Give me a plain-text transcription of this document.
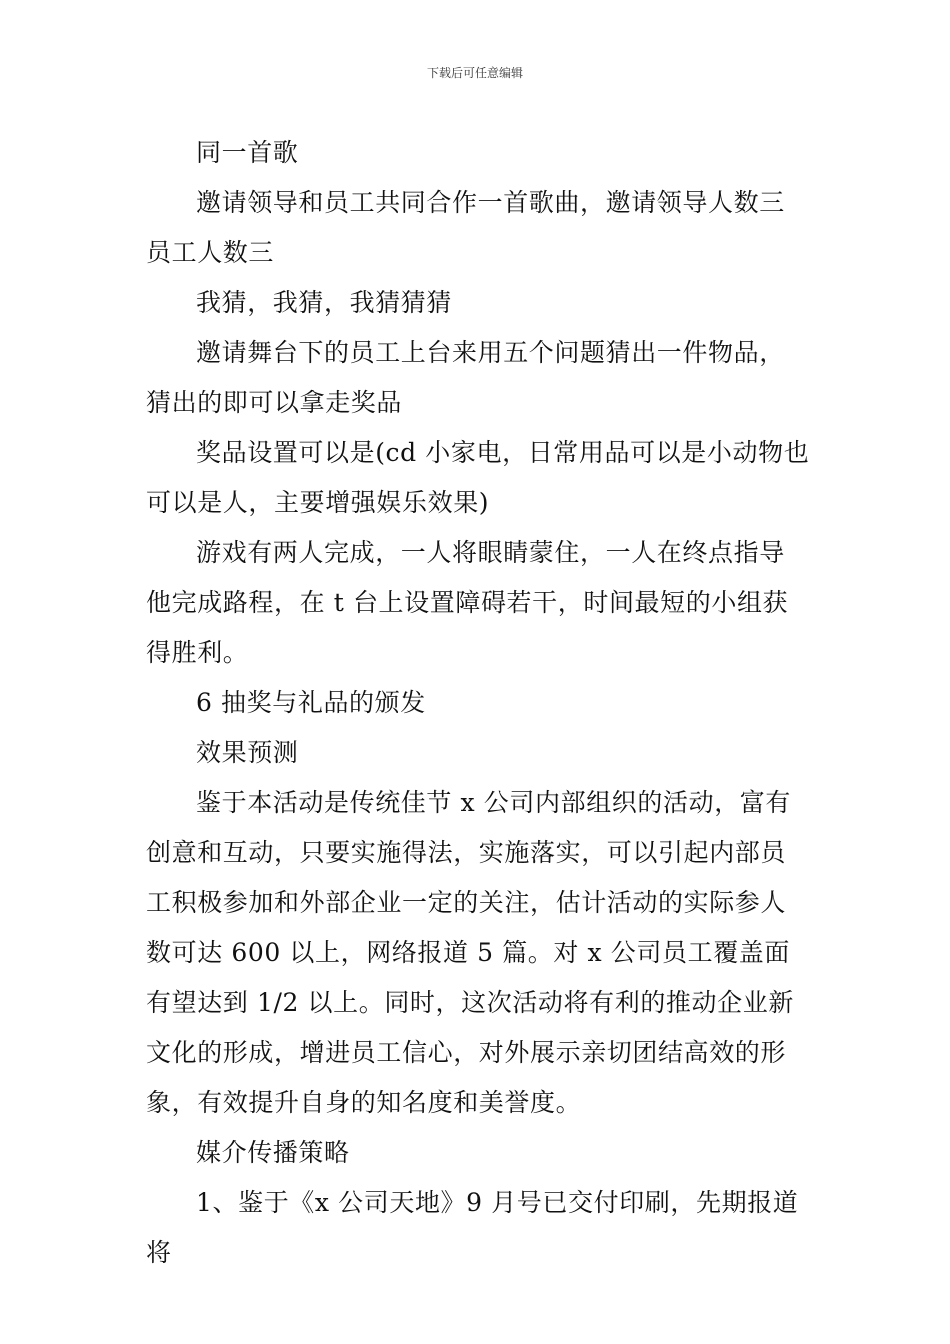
下载后可任意编辑

同一首歌

邀请领导和员工共同合作一首歌曲，邀请领导人数三员工人数三

我猜，我猜，我猜猜猜

邀请舞台下的员工上台来用五个问题猜出一件物品，猜出的即可以拿走奖品

奖品设置可以是(cd 小家电，日常用品可以是小动物也可以是人，主要增强娱乐效果)

游戏有两人完成，一人将眼睛蒙住，一人在终点指导他完成路程，在 t 台上设置障碍若干，时间最短的小组获得胜利。

6 抽奖与礼品的颁发

效果预测

鉴于本活动是传统佳节 x 公司内部组织的活动，富有创意和互动，只要实施得法，实施落实，可以引起内部员工积极参加和外部企业一定的关注，估计活动的实际参人数可达 600 以上，网络报道 5 篇。对 x 公司员工覆盖面有望达到 1/2 以上。同时，这次活动将有利的推动企业新文化的形成，增进员工信心，对外展示亲切团结高效的形象，有效提升自身的知名度和美誉度。

媒介传播策略

1、鉴于《x 公司天地》9 月号已交付印刷，先期报道将
